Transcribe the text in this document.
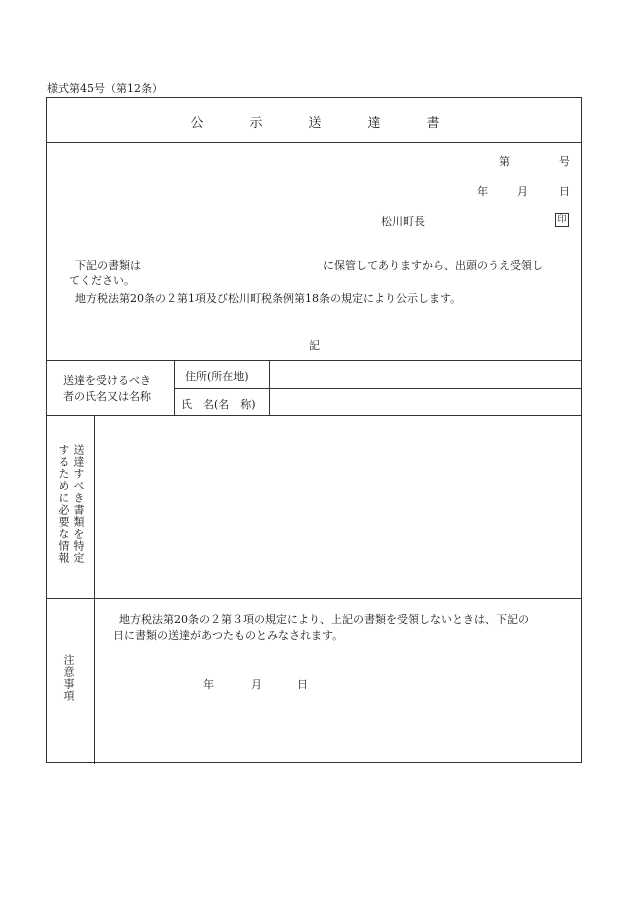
様式第45号（第12条）
公	示	送	達	書
第	号
年	月	日
松川町長	印
下記の書類は	に保管してありますから、出頭のうえ受領し
てください。
地方税法第20条の２第1項及び松川町税条例第18条の規定により公示します。
記
送達を受けるべき
者の氏名又は名称
住所(所在地)
氏　名(名　称)
送達すべき書類を特定
するために必要な情報
注意事項
地方税法第20条の２第３項の規定により、上記の書類を受領しないときは、下記の
日に書類の送達があつたものとみなされます。
年	月	日
